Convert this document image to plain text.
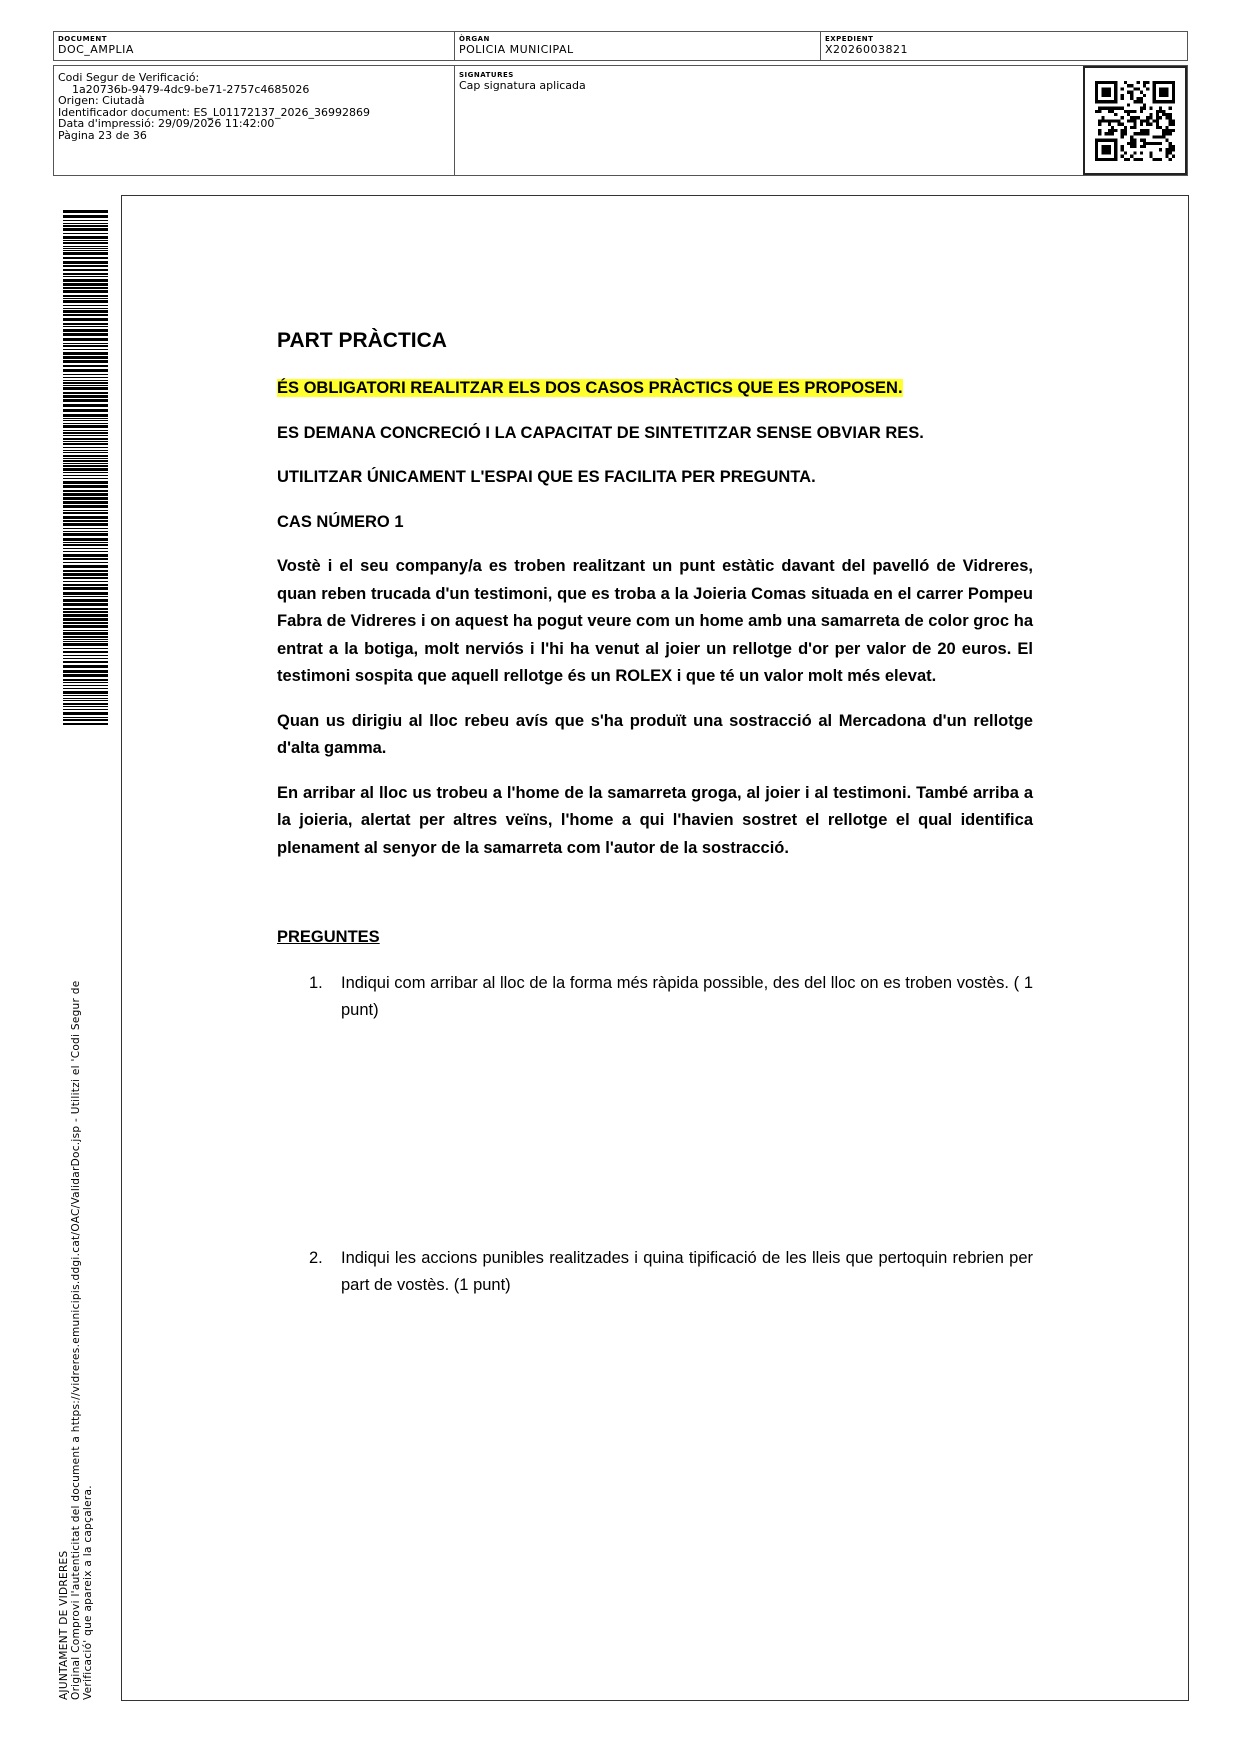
DOCUMENT
DOC_AMPLIA
ÒRGAN
POLICIA MUNICIPAL
EXPEDIENT
X2026003821
Codi Segur de Verificació:
1a20736b-9479-4dc9-be71-2757c4685026
Origen: Ciutadà
Identificador document: ES_L01172137_2026_36992869
Data d'impressió: 29/09/2026 11:42:00
Pàgina 23 de 36
SIGNATURES
Cap signatura aplicada
AJUNTAMENT DE VIDRERES Original Comprovi l'autenticitat del document a https://vidreres.emunicipis.ddgi.cat/OAC/ValidarDoc.jsp - Utilitzi el 'Codi Segur de Verificació' que apareix a la capçalera.

PART PRÀCTICA

ÉS OBLIGATORI REALITZAR ELS DOS CASOS PRÀCTICS QUE ES PROPOSEN.

ES DEMANA CONCRECIÓ I LA CAPACITAT DE SINTETITZAR SENSE OBVIAR RES.

UTILITZAR ÚNICAMENT L'ESPAI QUE ES FACILITA PER PREGUNTA.

CAS NÚMERO 1

Vostè i el seu company/a es troben realitzant un punt estàtic davant del pavelló de Vidreres, quan reben trucada d'un testimoni, que es troba a la Joieria Comas situada en el carrer Pompeu Fabra de Vidreres i on aquest ha pogut veure com un home amb una samarreta de color groc ha entrat a la botiga, molt nerviós i l'hi ha venut al joier un rellotge d'or per valor de 20 euros. El testimoni sospita que aquell rellotge és un ROLEX i que té un valor molt més elevat.

Quan us dirigiu al lloc rebeu avís que s'ha produït una sostracció al Mercadona d'un rellotge d'alta gamma.

En arribar al lloc us trobeu a l'home de la samarreta groga, al joier i al testimoni. També arriba a la joieria, alertat per altres veïns, l'home a qui l'havien sostret el rellotge el qual identifica plenament al senyor de la samarreta com l'autor de la sostracció.

PREGUNTES

1.	Indiqui com arribar al lloc de la forma més ràpida possible, des del lloc on es troben vostès. ( 1 punt)
2.	Indiqui les accions punibles realitzades i quina tipificació de les lleis que pertoquin rebrien per part de vostès. (1 punt)
